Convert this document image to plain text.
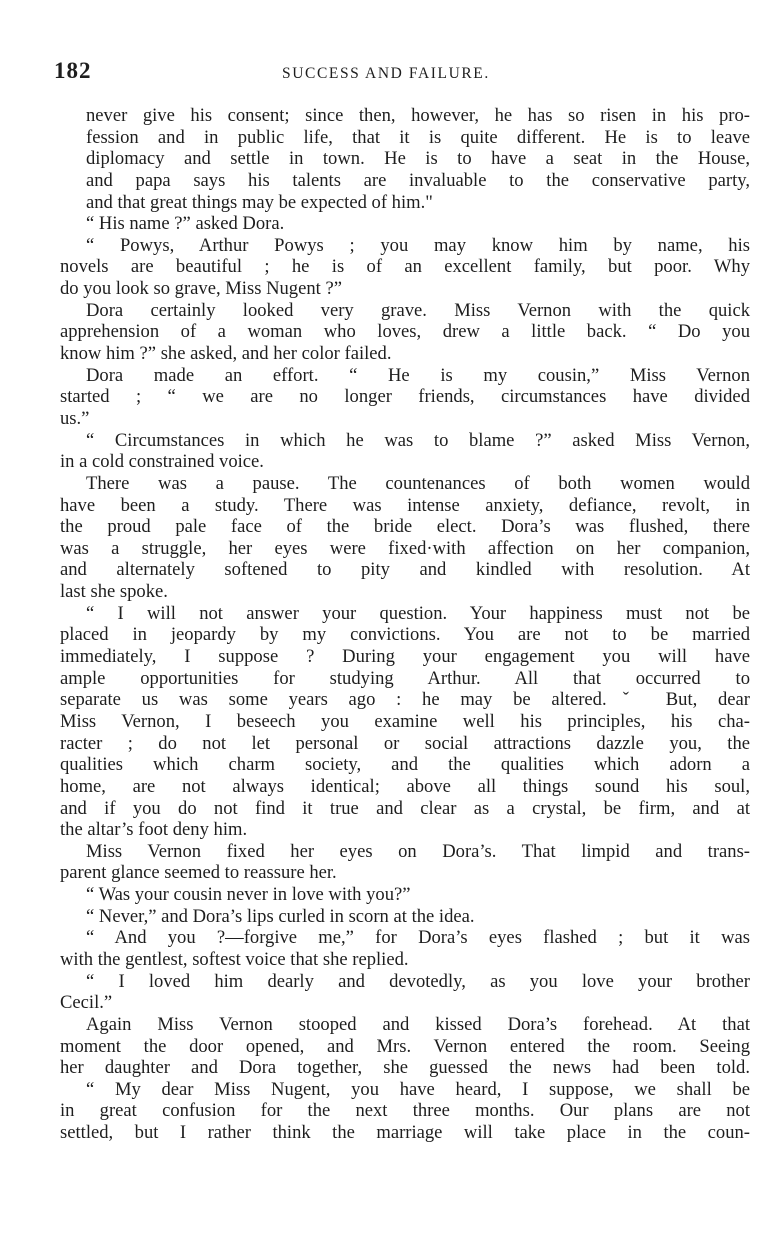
182	SUCCESS AND FAILURE.
never give his consent; since then, however, he has so risen in his pro-
fession and in public life, that it is quite different. He is to leave
diplomacy and settle in town. He is to have a seat in the House,
and papa says his talents are invaluable to the conservative party,
and that great things may be expected of him."
“ His name ?” asked Dora.
“ Powys, Arthur Powys ; you may know him by name, his
novels are beautiful ; he is of an excellent family, but poor. Why
do you look so grave, Miss Nugent ?”
Dora certainly looked very grave. Miss Vernon with the quick
apprehension of a woman who loves, drew a little back. “ Do you
know him ?” she asked, and her color failed.
Dora made an effort. “ He is my cousin,” Miss Vernon
started ; “ we are no longer friends, circumstances have divided
us.”
“ Circumstances in which he was to blame ?” asked Miss Vernon,
in a cold constrained voice.
There was a pause. The countenances of both women would
have been a study. There was intense anxiety, defiance, revolt, in
the proud pale face of the bride elect. Dora’s was flushed, there
was a struggle, her eyes were fixed·with affection on her companion,
and alternately softened to pity and kindled with resolution. At
last she spoke.
“ I will not answer your question. Your happiness must not be
placed in jeopardy by my convictions. You are not to be married
immediately, I suppose ? During your engagement you will have
ample opportunities for studying Arthur. All that occurred to
separate us was some years ago : he may be altered.ˇ But, dear
Miss Vernon, I beseech you examine well his principles, his cha-
racter ; do not let personal or social attractions dazzle you, the
qualities which charm society, and the qualities which adorn a
home, are not always identical; above all things sound his soul,
and if you do not find it true and clear as a crystal, be firm, and at
the altar’s foot deny him.
Miss Vernon fixed her eyes on Dora’s. That limpid and trans-
parent glance seemed to reassure her.
“ Was your cousin never in love with you?”
“ Never,” and Dora’s lips curled in scorn at the idea.
“ And you ?—forgive me,” for Dora’s eyes flashed ; but it was
with the gentlest, softest voice that she replied.
“ I loved him dearly and devotedly, as you love your brother
Cecil.”
Again Miss Vernon stooped and kissed Dora’s forehead. At that
moment the door opened, and Mrs. Vernon entered the room. Seeing
her daughter and Dora together, she guessed the news had been told.
“ My dear Miss Nugent, you have heard, I suppose, we shall be
in great confusion for the next three months. Our plans are not
settled, but I rather think the marriage will take place in the coun-
